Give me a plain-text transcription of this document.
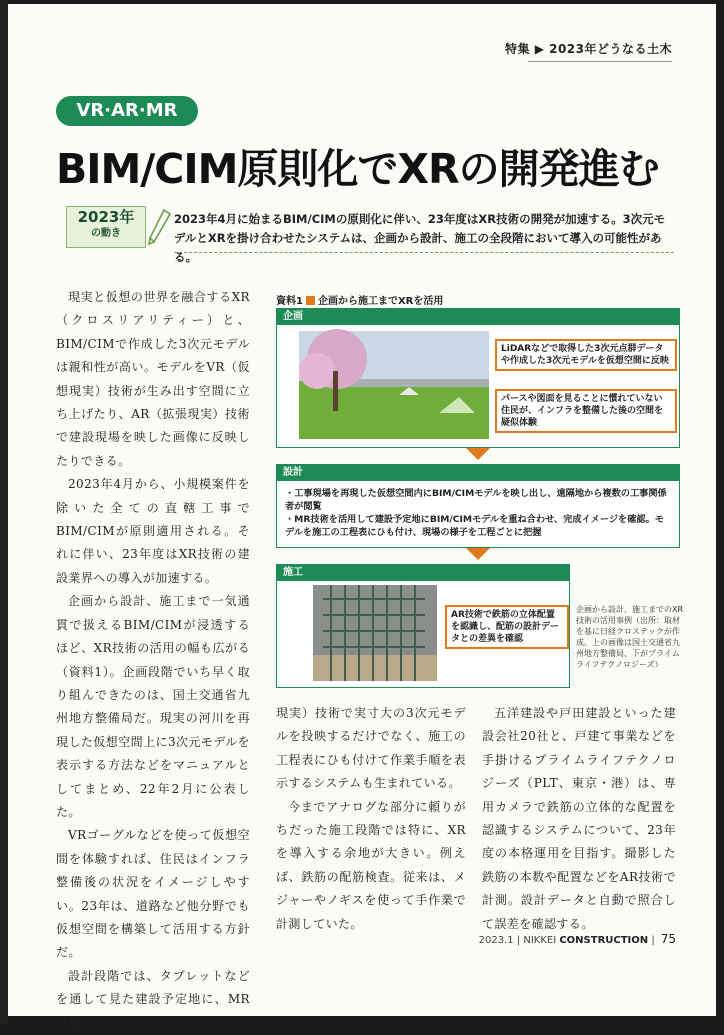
特集 ▶ 2023年どうなる土木
VR·AR·MR
BIM/CIM原則化でXRの開発進む
2023年
の動き
2023年4月に始まるBIM/CIMの原則化に伴い、23年度はXR技術の開発が加速する。3次元モデルとXRを掛け合わせたシステムは、企画から設計、施工の全段階において導入の可能性がある。

現実と仮想の世界を融合するXR（クロスリアリティー）と、BIM/CIMで作成した3次元モデルは親和性が高い。モデルをVR（仮想現実）技術が生み出す空間に立ち上げたり、AR（拡張現実）技術で建設現場を映した画像に反映したりできる。

2023年4月から、小規模案件を除いた全ての直轄工事でBIM/CIMが原則適用される。それに伴い、23年度はXR技術の建設業界への導入が加速する。

企画から設計、施工まで一気通貫で扱えるBIM/CIMが浸透するほど、XR技術の活用の幅も広がる（資料1）。企画段階でいち早く取り組んできたのは、国土交通省九州地方整備局だ。現実の河川を再現した仮想空間上に3次元モデルを表示する方法などをマニュアルとしてまとめ、22年2月に公表した。

VRゴーグルなどを使って仮想空間を体験すれば、住民はインフラ整備後の状況をイメージしやすい。23年は、道路など他分野でも仮想空間を構築して活用する方針だ。

設計段階では、タブレットなどを通して見た建設予定地に、MR（複合

資料1 企画から施工までXRを活用
企画
LiDARなどで取得した3次元点群データや作成した3次元モデルを仮想空間に反映
パースや図面を見ることに慣れていない住民が、インフラを整備した後の空間を疑似体験
設計
・工事現場を再現した仮想空間内にBIM/CIMモデルを映し出し、遠隔地から複数の工事関係者が閲覧
・MR技術を活用して建設予定地にBIM/CIMモデルを重ね合わせ、完成イメージを確認。モデルを施工の工程表にひも付け、現場の様子を工程ごとに把握
施工
AR技術で鉄筋の立体配置を認識し、配筋の設計データとの差異を確認
企画から設計、施工までのXR技術の活用事例（出所：取材を基に日経クロステックが作成。上の画像は国土交通省九州地方整備局、下がプライムライフテクノロジーズ）

現実）技術で実寸大の3次元モデルを投映するだけでなく、施工の工程表にひも付けて作業手順を表示するシステムも生まれている。

今までアナログな部分に頼りがちだった施工段階では特に、XRを導入する余地が大きい。例えば、鉄筋の配筋検査。従来は、メジャーやノギスを使って手作業で計測していた。

五洋建設や戸田建設といった建設会社20社と、戸建て事業などを手掛けるプライムライフテクノロジーズ（PLT、東京・港）は、専用カメラで鉄筋の立体的な配置を認識するシステムについて、23年度の本格運用を目指す。撮影した鉄筋の本数や配置などをAR技術で計測。設計データと自動で照合して誤差を確認する。

2023.1 | NIKKEI CONSTRUCTION | 75
